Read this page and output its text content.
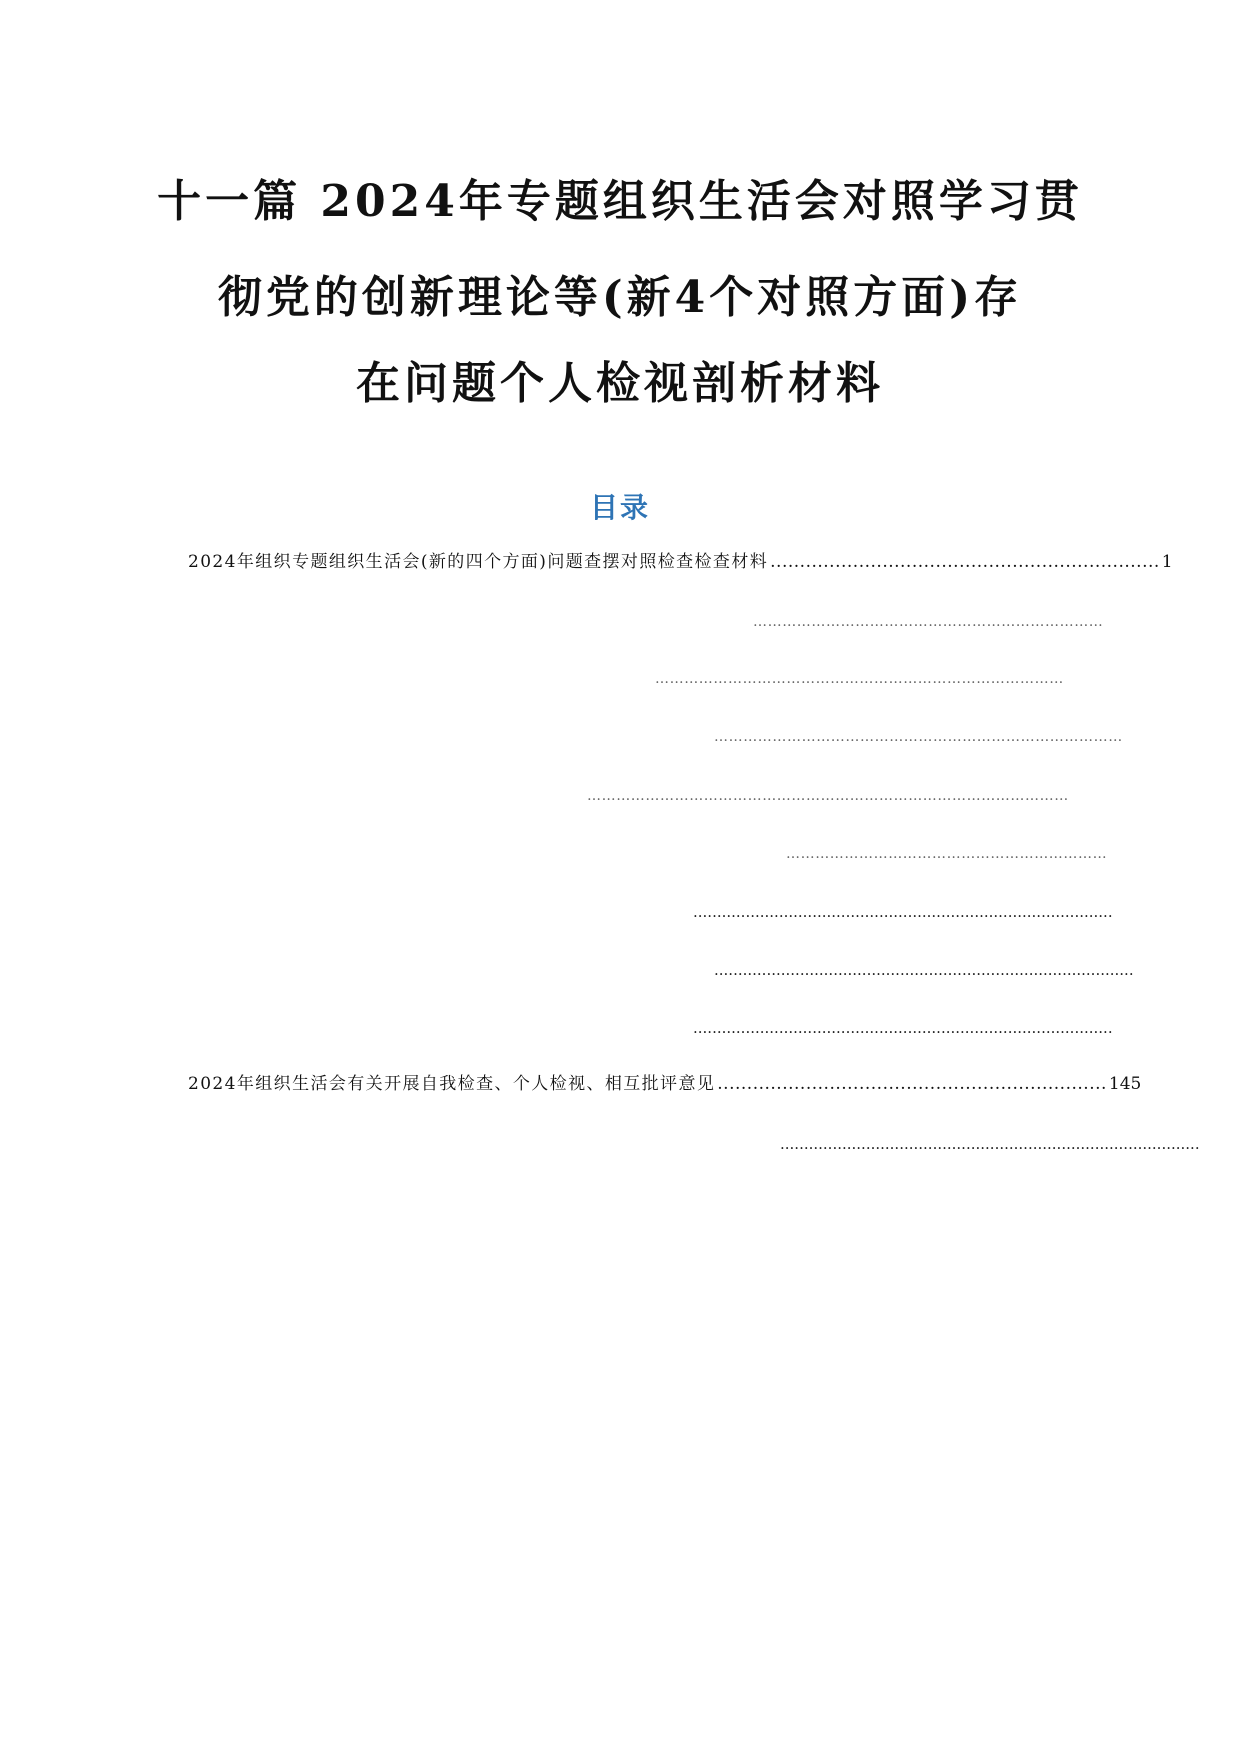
十一篇 2024年专题组织生活会对照学习贯
彻党的创新理论等(新4个对照方面)存
在问题个人检视剖析材料
目录
2024年组织专题组织生活会(新的四个方面)问题查摆对照检查检查材料 .................................................................. 1
………………………………………………………………
…………………………………………………………………………
…………………………………………………………………………
………………………………………………………………………………………
…………………………………………………………
........................................................................................
........................................................................................
........................................................................................
2024年组织生活会有关开展自我检查、个人检视、相互批评意见 .................................................................. 145
........................................................................................
